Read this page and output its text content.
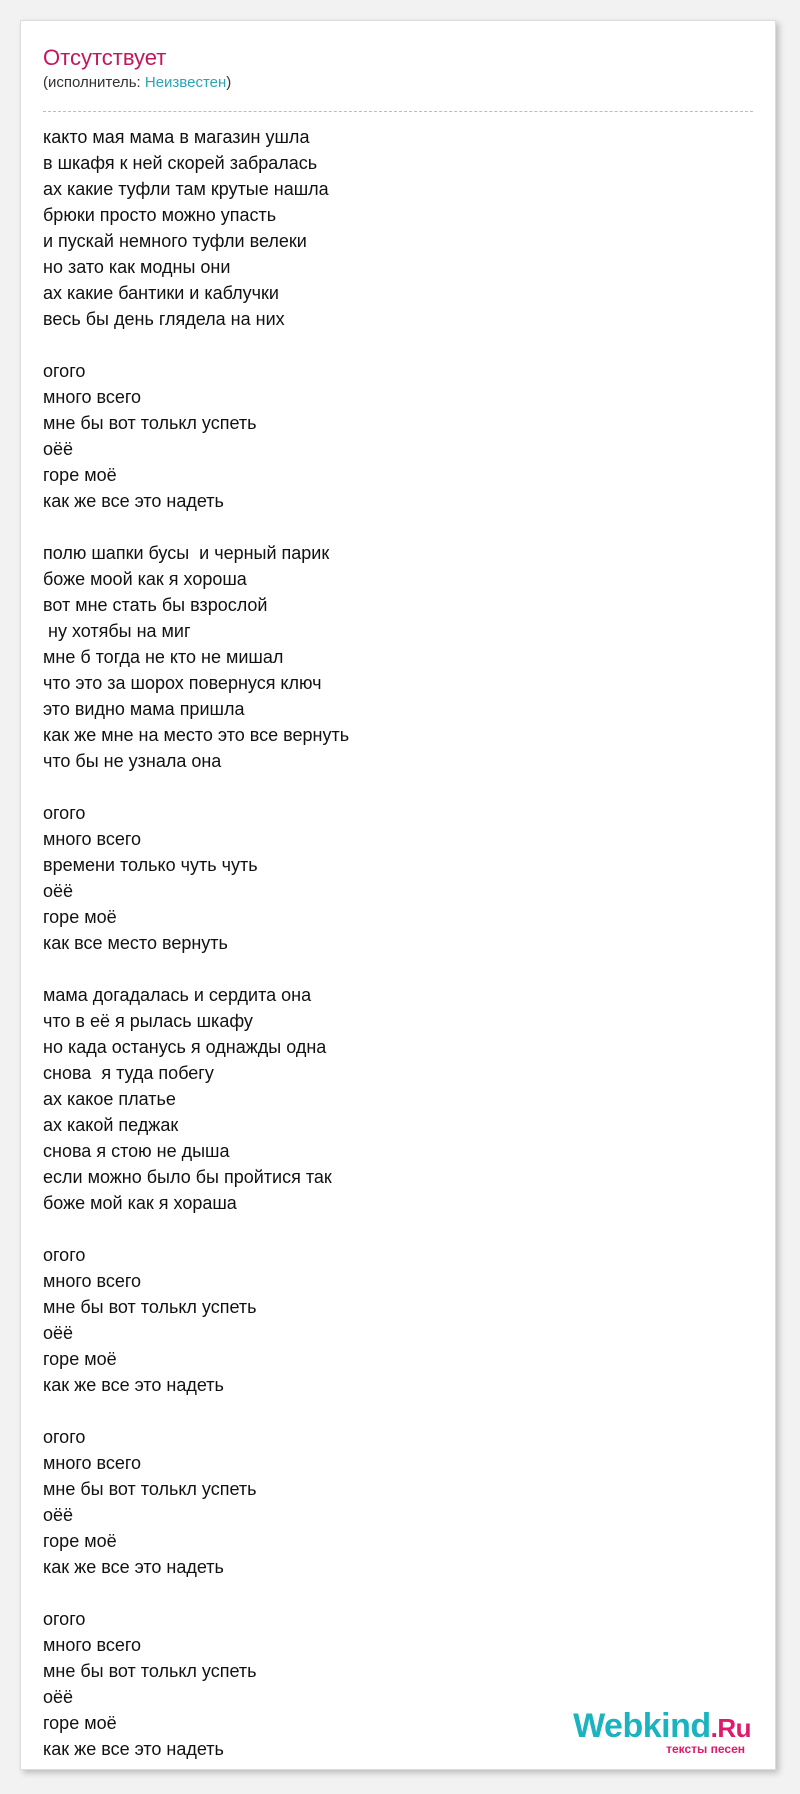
Отсутствует
(исполнитель: Неизвестен)
както мая мама в магазин ушла
в шкафя к ней скорей забралась
ах какие туфли там крутые нашла
брюки просто можно упасть
и пускай немного туфли велеки
но зато как модны они
ах какие бантики и каблучки
весь бы день глядела на них
огого
много всего
мне бы вот толькл успеть
оёё
горе моё
как же все это надеть
полю шапки бусы  и черный парик
боже моой как я хороша
вот мне стать бы взрослой
ну хотябы на миг
мне б тогда не кто не мишал
что это за шорох повернуся ключ
это видно мама пришла
как же мне на место это все вернуть
что бы не узнала она
огого
много всего
времени только чуть чуть
оёё
горе моё
как все место вернуть
мама догадалась и сердита она
что в её я рылась шкафу
но када останусь я однажды одна
снова  я туда побегу
ах какое платье
ах какой педжак
снова я стою не дыша
если можно было бы пройтися так
боже мой как я хораша
огого
много всего
мне бы вот толькл успеть
оёё
горе моё
как же все это надеть
огого
много всего
мне бы вот толькл успеть
оёё
горе моё
как же все это надеть
огого
много всего
мне бы вот толькл успеть
оёё
горе моё
как же все это надеть
Webkind.Ru
тексты песен
